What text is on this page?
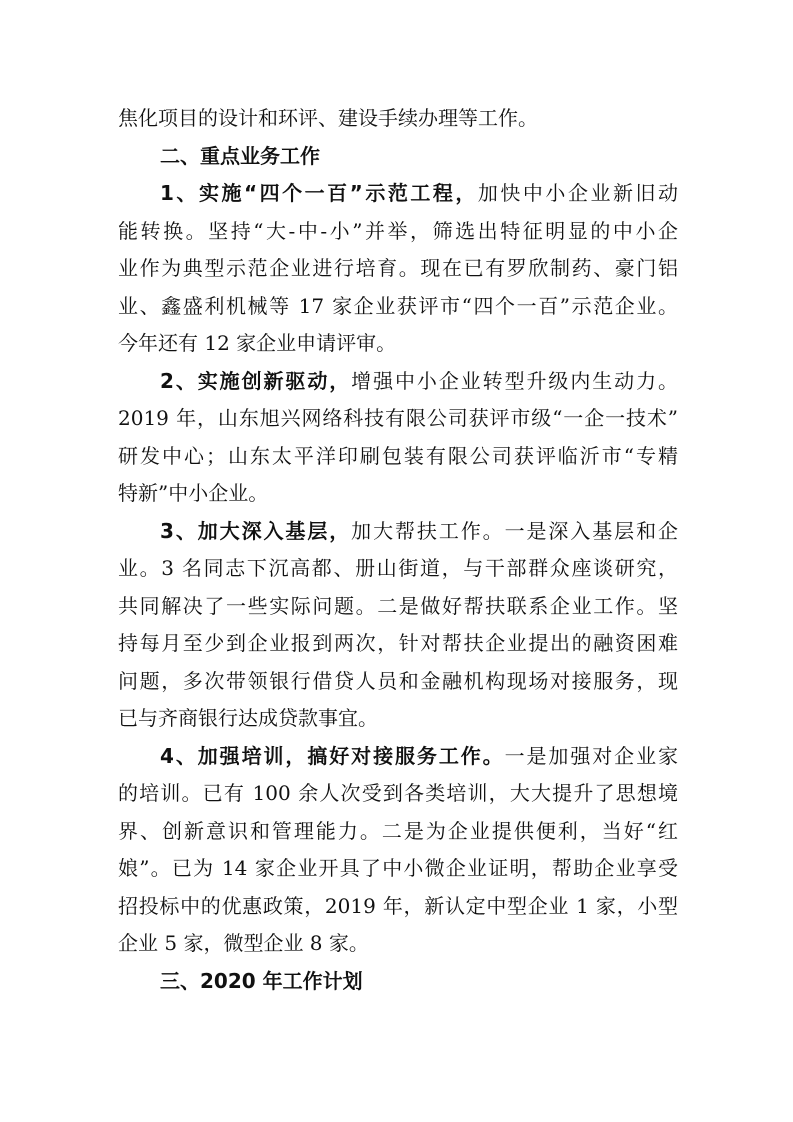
焦化项目的设计和环评、建设手续办理等工作。
二、重点业务工作
1、实施“四个一百”示范工程，加快中小企业新旧动
能转换。坚持“大-中-小”并举，筛选出特征明显的中小企
业作为典型示范企业进行培育。现在已有罗欣制药、豪门铝
业、鑫盛利机械等 17 家企业获评市“四个一百”示范企业。
今年还有 12 家企业申请评审。
2、实施创新驱动，增强中小企业转型升级内生动力。
2019 年，山东旭兴网络科技有限公司获评市级“一企一技术”
研发中心；山东太平洋印刷包装有限公司获评临沂市“专精
特新”中小企业。
3、加大深入基层，加大帮扶工作。一是深入基层和企
业。3 名同志下沉高都、册山街道，与干部群众座谈研究，
共同解决了一些实际问题。二是做好帮扶联系企业工作。坚
持每月至少到企业报到两次，针对帮扶企业提出的融资困难
问题，多次带领银行借贷人员和金融机构现场对接服务，现
已与齐商银行达成贷款事宜。
4、加强培训，搞好对接服务工作。一是加强对企业家
的培训。已有 100 余人次受到各类培训，大大提升了思想境
界、创新意识和管理能力。二是为企业提供便利，当好“红
娘”。已为 14 家企业开具了中小微企业证明，帮助企业享受
招投标中的优惠政策，2019 年，新认定中型企业 1 家，小型
企业 5 家，微型企业 8 家。
三、2020 年工作计划
